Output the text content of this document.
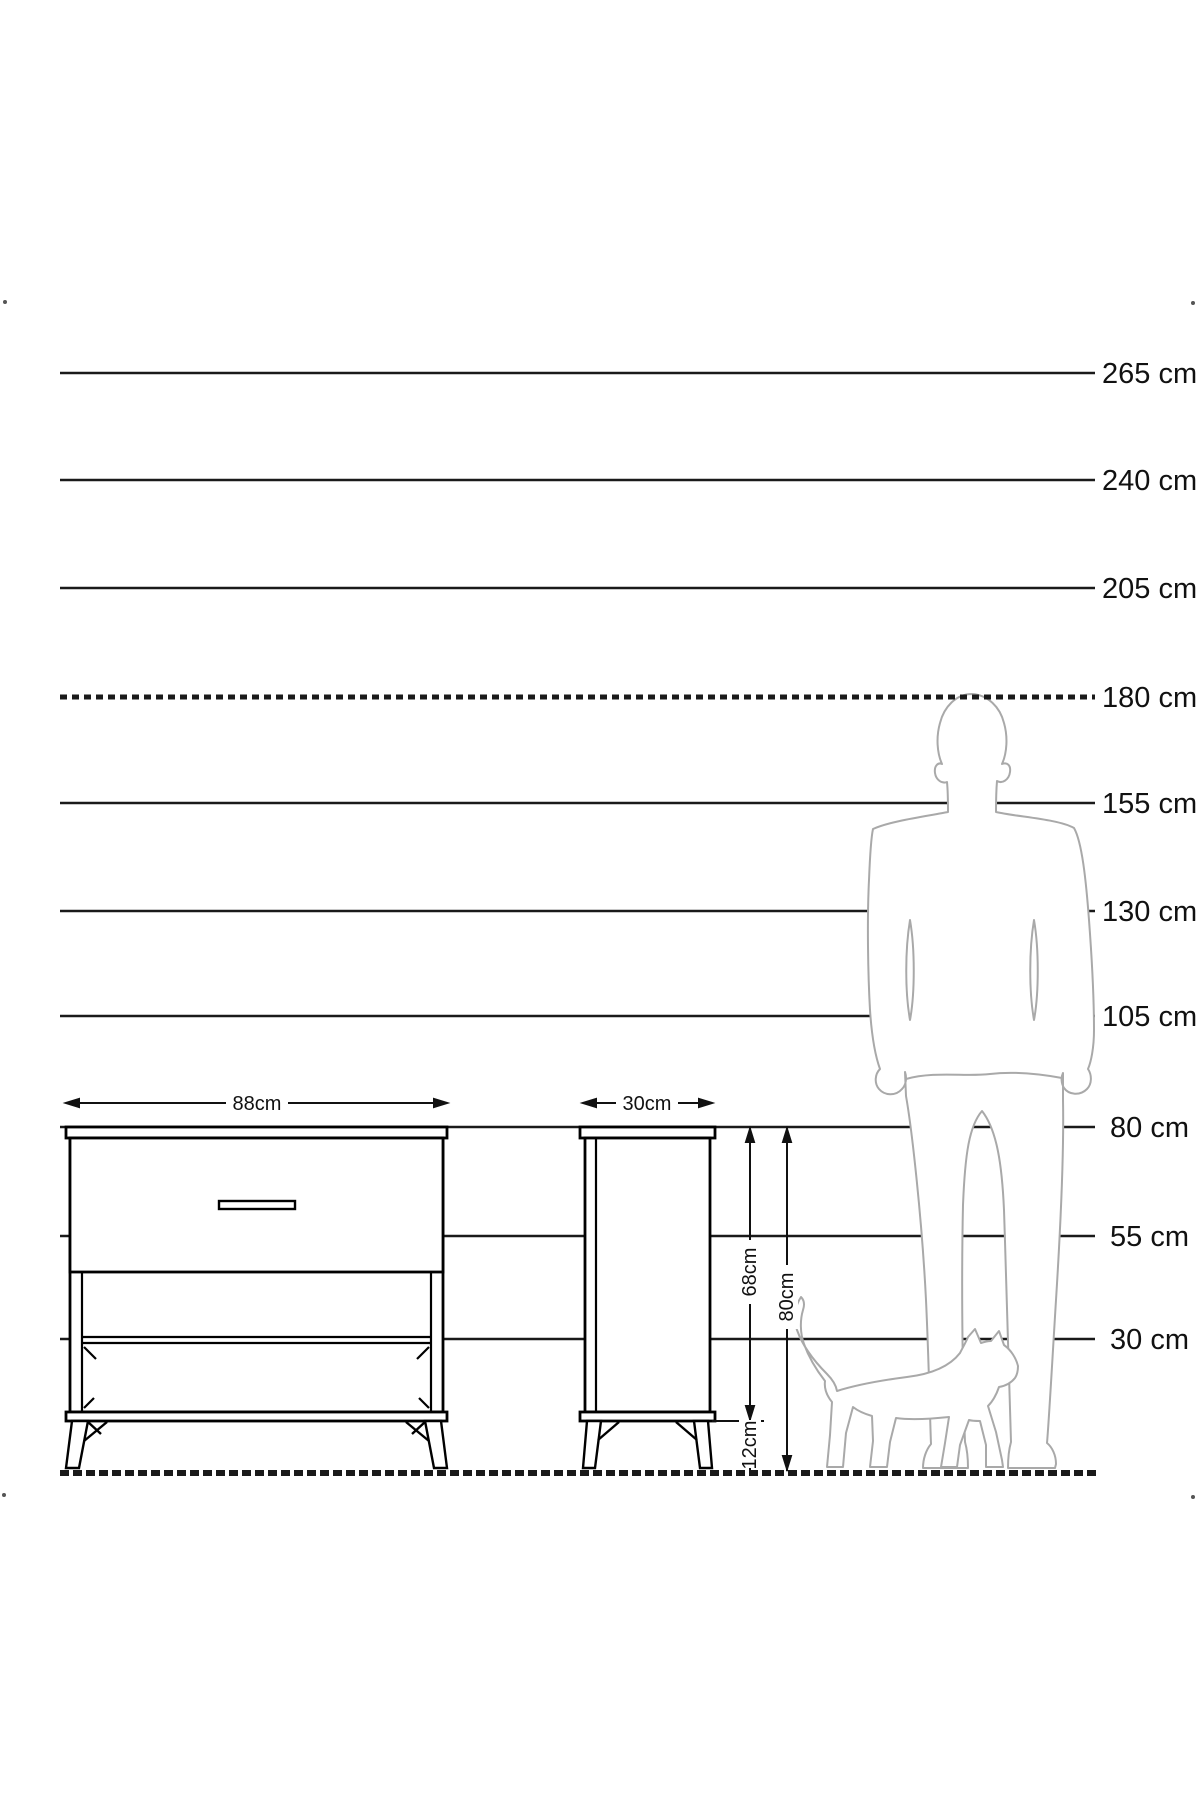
265 cm
240 cm
205 cm
180 cm
155 cm
130 cm
105 cm
80 cm
55 cm
30 cm
88cm	30cm
68cm
80cm
12cm
